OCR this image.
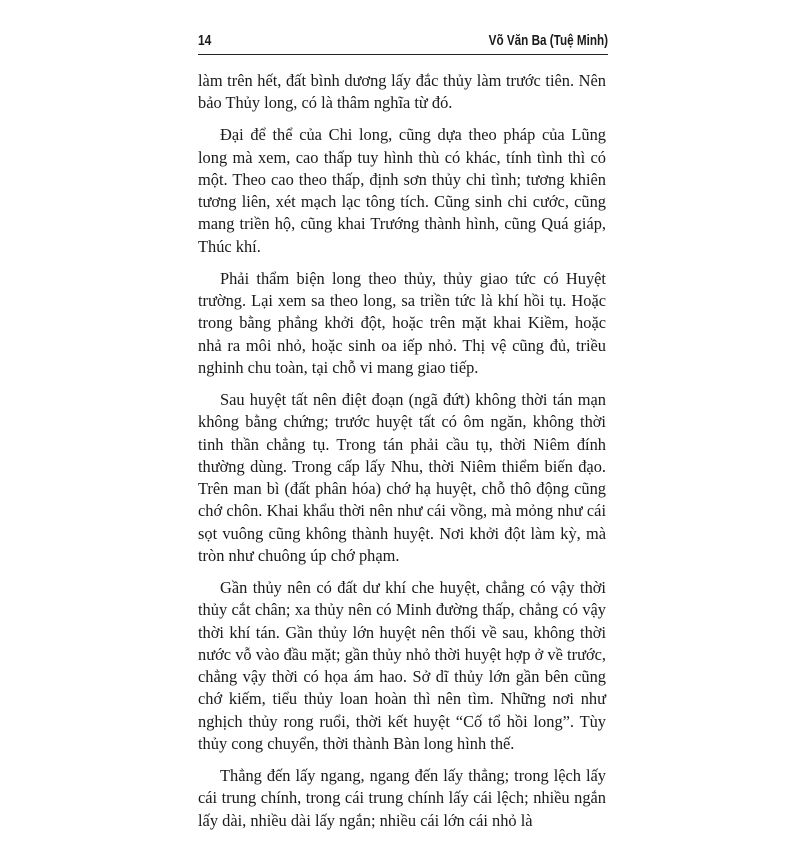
14	Võ Văn Ba (Tuệ Minh)

làm trên hết, đất bình dương lấy đắc thủy làm trước tiên. Nên bảo Thủy long, có là thâm nghĩa từ đó.

Đại để thể của Chi long, cũng dựa theo pháp của Lũng long mà xem, cao thấp tuy hình thù có khác, tính tình thì có một. Theo cao theo thấp, định sơn thủy chi tình; tương khiên tương liên, xét mạch lạc tông tích. Cũng sinh chi cước, cũng mang triền hộ, cũng khai Trướng thành hình, cũng Quá giáp, Thúc khí.

Phải thẩm biện long theo thủy, thủy giao tức có Huyệt trường. Lại xem sa theo long, sa triền tức là khí hồi tụ. Hoặc trong bằng phẳng khởi đột, hoặc trên mặt khai Kiềm, hoặc nhả ra môi nhỏ, hoặc sinh oa iếp nhỏ. Thị vệ cũng đủ, triều nghinh chu toàn, tại chỗ vi mang giao tiếp.

Sau huyệt tất nên điệt đoạn (ngã đứt) không thời tán mạn không bằng chứng; trước huyệt tất có ôm ngăn, không thời tinh thần chẳng tụ. Trong tán phải cầu tụ, thời Niêm đính thường dùng. Trong cấp lấy Nhu, thời Niêm thiểm biến đạo. Trên man bì (đất phân hóa) chớ hạ huyệt, chỗ thô động cũng chớ chôn. Khai khẩu thời nên như cái vồng, mà mỏng như cái sọt vuông cũng không thành huyệt. Nơi khởi đột làm kỳ, mà tròn như chuông úp chớ phạm.

Gần thủy nên có đất dư khí che huyệt, chẳng có vậy thời thủy cắt chân; xa thủy nên có Minh đường thấp, chẳng có vậy thời khí tán. Gần thủy lớn huyệt nên thối về sau, không thời nước vỗ vào đầu mặt; gần thủy nhỏ thời huyệt hợp ở về trước, chẳng vậy thời có họa ám hao. Sở dĩ thủy lớn gần bên cũng chớ kiếm, tiểu thủy loan hoàn thì nên tìm. Những nơi như nghịch thủy rong ruổi, thời kết huyệt “Cố tổ hồi long”. Tùy thủy cong chuyển, thời thành Bàn long hình thế.

Thẳng đến lấy ngang, ngang đến lấy thẳng; trong lệch lấy cái trung chính, trong cái trung chính lấy cái lệch; nhiều ngắn lấy dài, nhiều dài lấy ngắn; nhiều cái lớn cái nhỏ là
